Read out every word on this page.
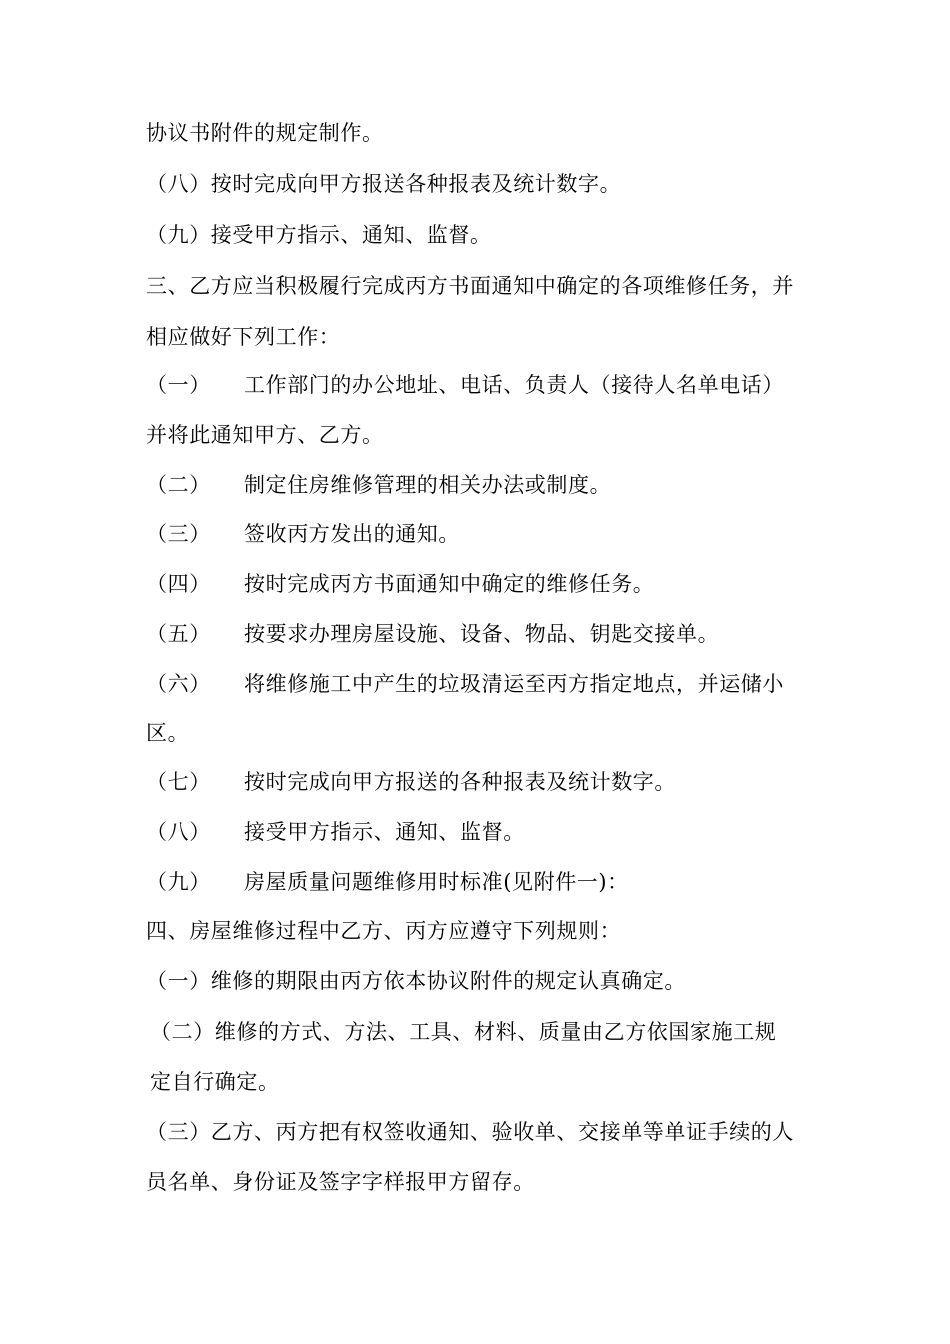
协议书附件的规定制作。
（八）按时完成向甲方报送各种报表及统计数字。
（九）接受甲方指示、通知、监督。
三、乙方应当积极履行完成丙方书面通知中确定的各项维修任务，并
相应做好下列工作：
（一） 工作部门的办公地址、电话、负责人（接待人名单电话）
并将此通知甲方、乙方。
（二） 制定住房维修管理的相关办法或制度。
（三） 签收丙方发出的通知。
（四） 按时完成丙方书面通知中确定的维修任务。
（五） 按要求办理房屋设施、设备、物品、钥匙交接单。
（六） 将维修施工中产生的垃圾清运至丙方指定地点，并运储小
区。
（七） 按时完成向甲方报送的各种报表及统计数字。
（八） 接受甲方指示、通知、监督。
（九） 房屋质量问题维修用时标准(见附件一)：
四、房屋维修过程中乙方、丙方应遵守下列规则：
（一）维修的期限由丙方依本协议附件的规定认真确定。
（二）维修的方式、方法、工具、材料、质量由乙方依国家施工规
定自行确定。
（三）乙方、丙方把有权签收通知、验收单、交接单等单证手续的人
员名单、身份证及签字字样报甲方留存。
